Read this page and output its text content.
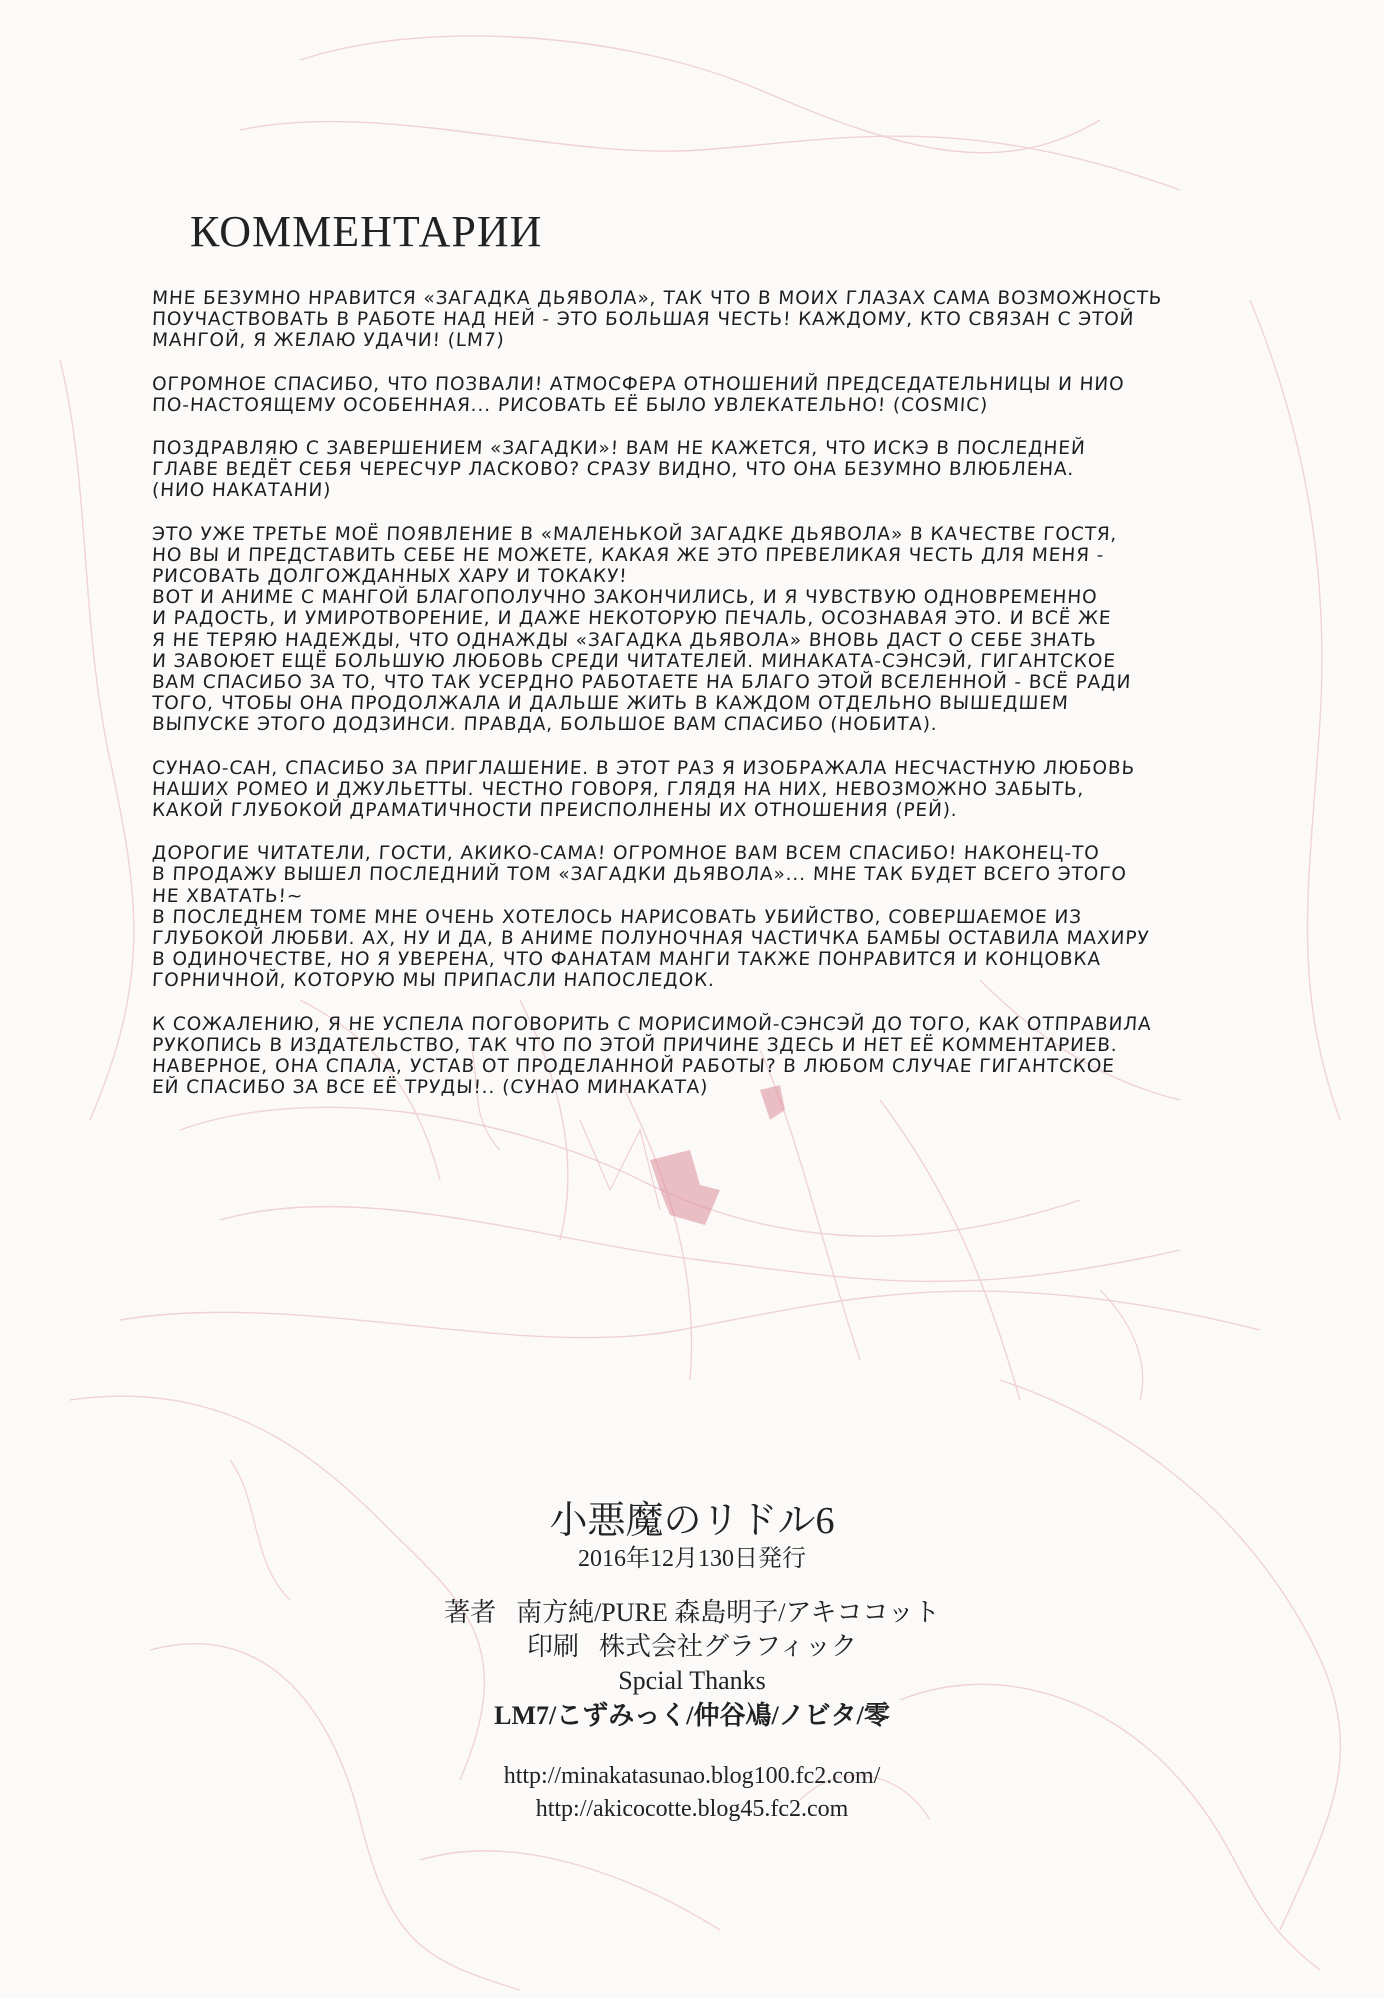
КОММЕНТАРИИ
МНЕ БЕЗУМНО НРАВИТСЯ «ЗАГАДКА ДЬЯВОЛА», ТАК ЧТО В МОИХ ГЛАЗАХ САМА ВОЗМОЖНОСТЬ
ПОУЧАСТВОВАТЬ В РАБОТЕ НАД НЕЙ - ЭТО БОЛЬШАЯ ЧЕСТЬ! КАЖДОМУ, КТО СВЯЗАН С ЭТОЙ
МАНГОЙ, Я ЖЕЛАЮ УДАЧИ! (LM7)
ОГРОМНОЕ СПАСИБО, ЧТО ПОЗВАЛИ! АТМОСФЕРА ОТНОШЕНИЙ ПРЕДСЕДАТЕЛЬНИЦЫ И НИО
ПО-НАСТОЯЩЕМУ ОСОБЕННАЯ... РИСОВАТЬ ЕЁ БЫЛО УВЛЕКАТЕЛЬНО! (COSMIC)
ПОЗДРАВЛЯЮ С ЗАВЕРШЕНИЕМ «ЗАГАДКИ»! ВАМ НЕ КАЖЕТСЯ, ЧТО ИСКЭ В ПОСЛЕДНЕЙ
ГЛАВЕ ВЕДЁТ СЕБЯ ЧЕРЕСЧУР ЛАСКОВО? СРАЗУ ВИДНО, ЧТО ОНА БЕЗУМНО ВЛЮБЛЕНА.
(НИО НАКАТАНИ)
ЭТО УЖЕ ТРЕТЬЕ МОЁ ПОЯВЛЕНИЕ В «МАЛЕНЬКОЙ ЗАГАДКЕ ДЬЯВОЛА» В КАЧЕСТВЕ ГОСТЯ,
НО ВЫ И ПРЕДСТАВИТЬ СЕБЕ НЕ МОЖЕТЕ, КАКАЯ ЖЕ ЭТО ПРЕВЕЛИКАЯ ЧЕСТЬ ДЛЯ МЕНЯ -
РИСОВАТЬ ДОЛГОЖДАННЫХ ХАРУ И ТОКАКУ!
ВОТ И АНИМЕ С МАНГОЙ БЛАГОПОЛУЧНО ЗАКОНЧИЛИСЬ, И Я ЧУВСТВУЮ ОДНОВРЕМЕННО
И РАДОСТЬ, И УМИРОТВОРЕНИЕ, И ДАЖЕ НЕКОТОРУЮ ПЕЧАЛЬ, ОСОЗНАВАЯ ЭТО. И ВСЁ ЖЕ
Я НЕ ТЕРЯЮ НАДЕЖДЫ, ЧТО ОДНАЖДЫ «ЗАГАДКА ДЬЯВОЛА» ВНОВЬ ДАСТ О СЕБЕ ЗНАТЬ
И ЗАВОЮЕТ ЕЩЁ БОЛЬШУЮ ЛЮБОВЬ СРЕДИ ЧИТАТЕЛЕЙ. МИНАКАТА-СЭНСЭЙ, ГИГАНТСКОЕ
ВАМ СПАСИБО ЗА ТО, ЧТО ТАК УСЕРДНО РАБОТАЕТЕ НА БЛАГО ЭТОЙ ВСЕЛЕННОЙ - ВСЁ РАДИ
ТОГО, ЧТОБЫ ОНА ПРОДОЛЖАЛА И ДАЛЬШЕ ЖИТЬ В КАЖДОМ ОТДЕЛЬНО ВЫШЕДШЕМ
ВЫПУСКЕ ЭТОГО ДОДЗИНСИ. ПРАВДА, БОЛЬШОЕ ВАМ СПАСИБО (НОБИТА).
СУНАО-САН, СПАСИБО ЗА ПРИГЛАШЕНИЕ. В ЭТОТ РАЗ Я ИЗОБРАЖАЛА НЕСЧАСТНУЮ ЛЮБОВЬ
НАШИХ РОМЕО И ДЖУЛЬЕТТЫ. ЧЕСТНО ГОВОРЯ, ГЛЯДЯ НА НИХ, НЕВОЗМОЖНО ЗАБЫТЬ,
КАКОЙ ГЛУБОКОЙ ДРАМАТИЧНОСТИ ПРЕИСПОЛНЕНЫ ИХ ОТНОШЕНИЯ (РЕЙ).
ДОРОГИЕ ЧИТАТЕЛИ, ГОСТИ, АКИКО-САМА! ОГРОМНОЕ ВАМ ВСЕМ СПАСИБО! НАКОНЕЦ-ТО
В ПРОДАЖУ ВЫШЕЛ ПОСЛЕДНИЙ ТОМ «ЗАГАДКИ ДЬЯВОЛА»... МНЕ ТАК БУДЕТ ВСЕГО ЭТОГО
НЕ ХВАТАТЬ!~
В ПОСЛЕДНЕМ ТОМЕ МНЕ ОЧЕНЬ ХОТЕЛОСЬ НАРИСОВАТЬ УБИЙСТВО, СОВЕРШАЕМОЕ ИЗ
ГЛУБОКОЙ ЛЮБВИ. АХ, НУ И ДА, В АНИМЕ ПОЛУНОЧНАЯ ЧАСТИЧКА БАМБЫ ОСТАВИЛА МАХИРУ
В ОДИНОЧЕСТВЕ, НО Я УВЕРЕНА, ЧТО ФАНАТАМ МАНГИ ТАКЖЕ ПОНРАВИТСЯ И КОНЦОВКА
ГОРНИЧНОЙ, КОТОРУЮ МЫ ПРИПАСЛИ НАПОСЛЕДОК.
К СОЖАЛЕНИЮ, Я НЕ УСПЕЛА ПОГОВОРИТЬ С МОРИСИМОЙ-СЭНСЭЙ ДО ТОГО, КАК ОТПРАВИЛА
РУКОПИСЬ В ИЗДАТЕЛЬСТВО, ТАК ЧТО ПО ЭТОЙ ПРИЧИНЕ ЗДЕСЬ И НЕТ ЕЁ КОММЕНТАРИЕВ.
НАВЕРНОЕ, ОНА СПАЛА, УСТАВ ОТ ПРОДЕЛАННОЙ РАБОТЫ? В ЛЮБОМ СЛУЧАЕ ГИГАНТСКОЕ
ЕЙ СПАСИБО ЗА ВСЕ ЕЁ ТРУДЫ!.. (СУНАО МИНАКАТА)
小悪魔のリドル6
2016年12月130日発行
著者 南方純/PURE 森島明子/アキココット
印刷 株式会社グラフィック
Spcial Thanks
LM7/こずみっく/仲谷鳰/ノビタ/零
http://minakatasunao.blog100.fc2.com/
http://akicocotte.blog45.fc2.com
